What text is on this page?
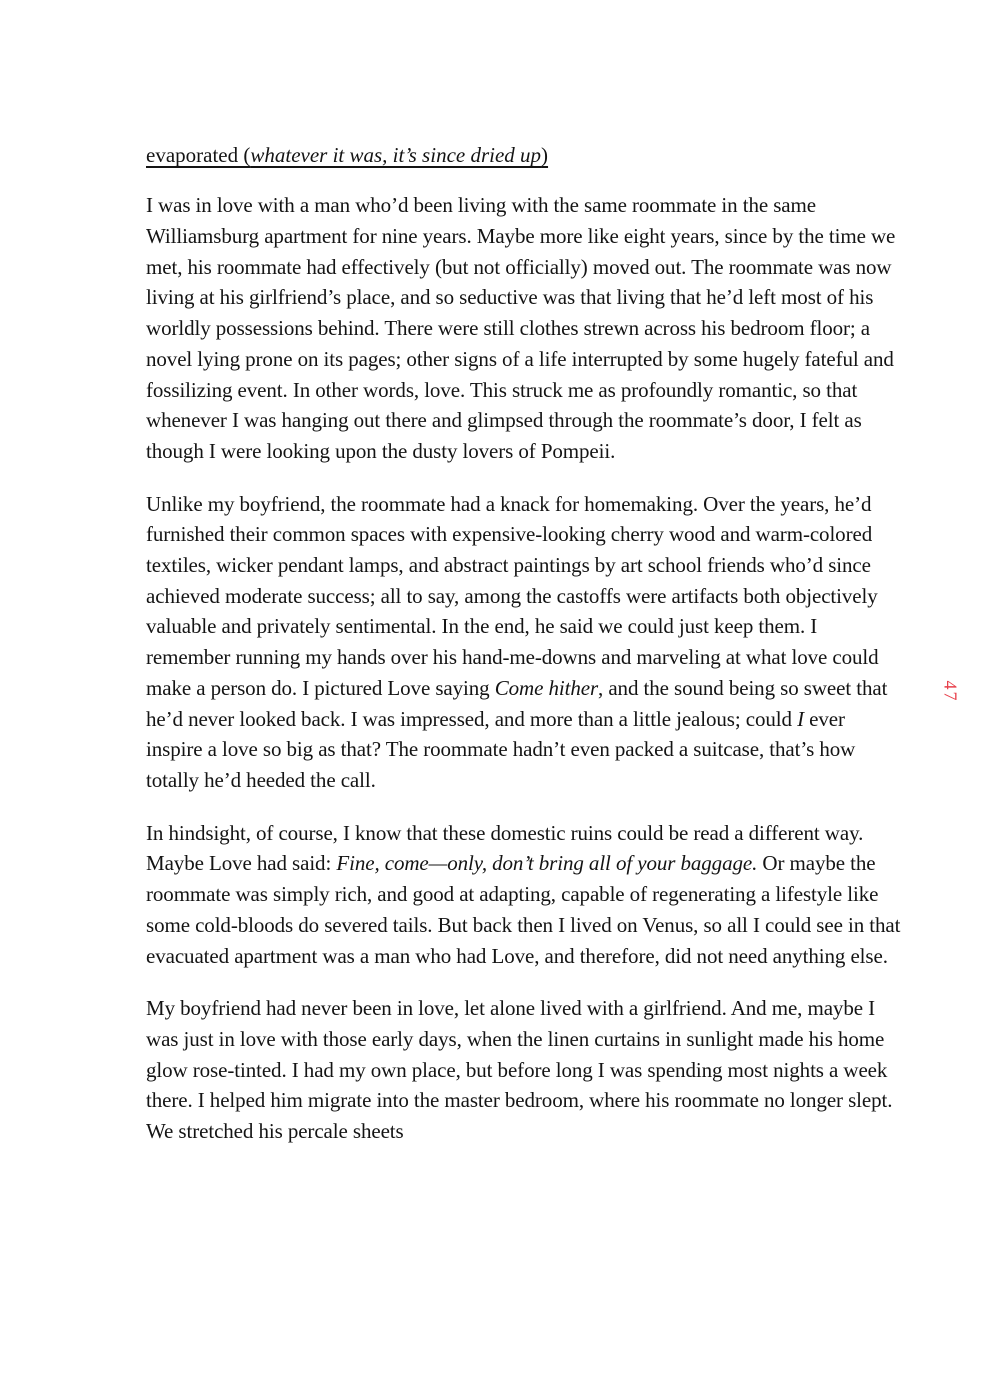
evaporated (whatever it was, it’s since dried up)

I was in love with a man who’d been living with the same roommate in the same Williamsburg apartment for nine years. Maybe more like eight years, since by the time we met, his roommate had effectively (but not officially) moved out. The roommate was now living at his girlfriend’s place, and so seductive was that living that he’d left most of his worldly possessions behind. There were still clothes strewn across his bedroom floor; a novel lying prone on its pages; other signs of a life interrupted by some hugely fateful and fossilizing event. In other words, love. This struck me as profoundly romantic, so that whenever I was hanging out there and glimpsed through the roommate’s door, I felt as though I were looking upon the dusty lovers of Pompeii.

Unlike my boyfriend, the roommate had a knack for homemaking. Over the years, he’d furnished their common spaces with expensive-looking cherry wood and warm-colored textiles, wicker pendant lamps, and abstract paintings by art school friends who’d since achieved moderate success; all to say, among the castoffs were artifacts both objectively valuable and privately sentimental. In the end, he said we could just keep them. I remember running my hands over his hand-me-downs and marveling at what love could make a person do. I pictured Love saying Come hither, and the sound being so sweet that he’d never looked back. I was impressed, and more than a little jealous; could I ever inspire a love so big as that? The roommate hadn’t even packed a suitcase, that’s how totally he’d heeded the call.

In hindsight, of course, I know that these domestic ruins could be read a different way. Maybe Love had said: Fine, come—only, don’t bring all of your baggage. Or maybe the roommate was simply rich, and good at adapting, capable of regenerating a lifestyle like some cold-bloods do severed tails. But back then I lived on Venus, so all I could see in that evacuated apartment was a man who had Love, and therefore, did not need anything else.

My boyfriend had never been in love, let alone lived with a girlfriend. And me, maybe I was just in love with those early days, when the linen curtains in sunlight made his home glow rose-tinted. I had my own place, but before long I was spending most nights a week there. I helped him migrate into the master bedroom, where his roommate no longer slept. We stretched his percale sheets

47
